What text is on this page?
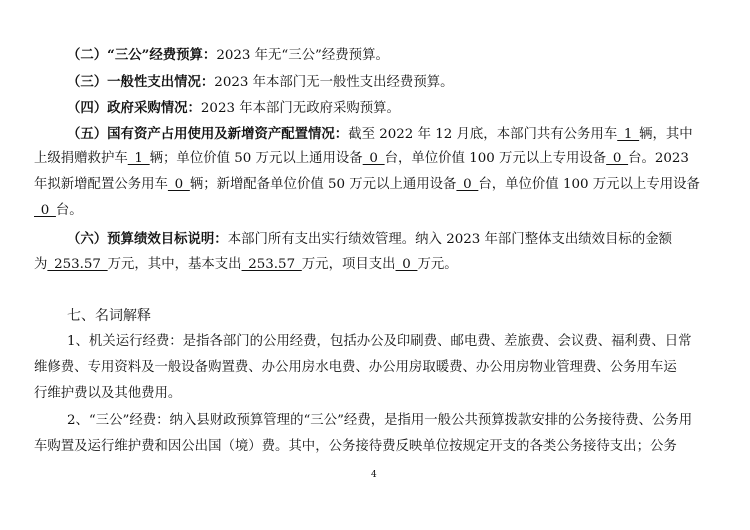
（二）“三公”经费预算：2023 年无“三公”经费预算。
（三）一般性支出情况：2023 年本部门无一般性支出经费预算。
（四）政府采购情况：2023 年本部门无政府采购预算。
（五）国有资产占用使用及新增资产配置情况：截至 2022 年 12 月底，本部门共有公务用车 1 辆，其中
上级捐赠救护车 1 辆；单位价值 50 万元以上通用设备 0 台，单位价值 100 万元以上专用设备 0 台。2023
年拟新增配置公务用车 0 辆；新增配备单位价值 50 万元以上通用设备 0 台，单位价值 100 万元以上专用设备
 0 台。
（六）预算绩效目标说明：本部门所有支出实行绩效管理。纳入 2023 年部门整体支出绩效目标的金额
为 253.57 万元，其中，基本支出 253.57 万元，项目支出 0 万元。
七、名词解释
1、机关运行经费：是指各部门的公用经费，包括办公及印刷费、邮电费、差旅费、会议费、福利费、日常
维修费、专用资料及一般设备购置费、办公用房水电费、办公用房取暖费、办公用房物业管理费、公务用车运
行维护费以及其他费用。
2、“三公”经费：纳入县财政预算管理的“三公”经费，是指用一般公共预算拨款安排的公务接待费、公务用
车购置及运行维护费和因公出国（境）费。其中，公务接待费反映单位按规定开支的各类公务接待支出；公务
4
